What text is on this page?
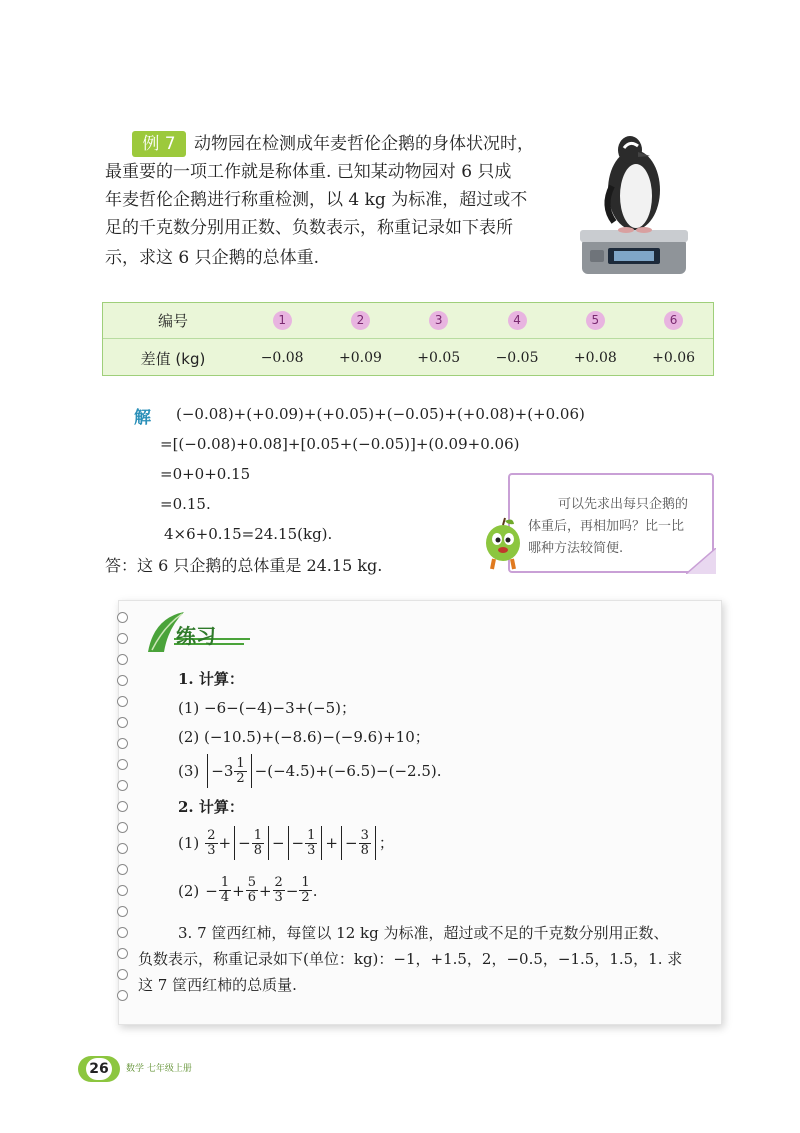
例 7	动物园在检测成年麦哲伦企鹅的身体状况时，
最重要的一项工作就是称体重. 已知某动物园对 6 只成
年麦哲伦企鹅进行称重检测，以 4 kg 为标准，超过或不
足的千克数分别用正数、负数表示，称重记录如下表所
示，求这 6 只企鹅的总体重.
编号	1	2	3	4	5	6
差值 (kg)	−0.08	+0.09	+0.05	−0.05	+0.08	+0.06
解 (−0.08)+(+0.09)+(+0.05)+(−0.05)+(+0.08)+(+0.06)
=[(−0.08)+0.08]+[0.05+(−0.05)]+(0.09+0.06)
=0+0+0.15
=0.15.
4×6+0.15=24.15(kg).
答：这 6 只企鹅的总体重是 24.15 kg.
可以先求出每只企鹅的
体重后，再相加吗？比一比
哪种方法较简便.
练习
1. 计算：
(1) −6−(−4)−3+(−5)；
(2) (−10.5)+(−8.6)−(−9.6)+10；
$(3) -3 \frac{1}{2} -(-4.5)+(-6.5)-(-2.5)$.
2. 计算：
$(1) \frac{2}{3}$ + − $\frac{1}{8}$ − − $\frac{1}{3}$ + − $\frac{3}{8}$ ；
$(2) - \frac{1}{4} + \frac{5}{6} + \frac{2}{3} - \frac{1}{2}$ .
3. 7 筐西红柿，每筐以 12 kg 为标准，超过或不足的千克数分别用正数、
负数表示，称重记录如下(单位：kg)：−1，+1.5，2，−0.5，−1.5，1.5，1. 求
这 7 筐西红柿的总质量.
26	数学 七年级上册
